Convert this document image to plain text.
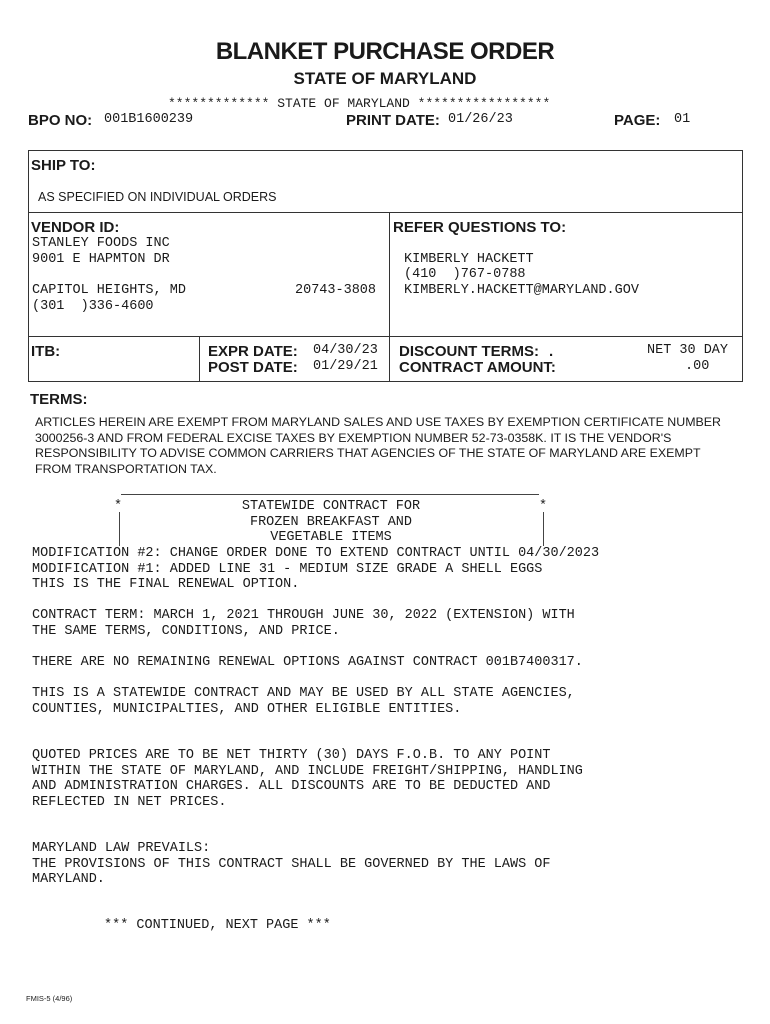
BLANKET PURCHASE ORDER
STATE OF MARYLAND
************* STATE OF MARYLAND *****************
BPO NO: 001B1600239	PRINT DATE: 01/26/23	PAGE: 01
SHIP TO:
AS SPECIFIED ON INDIVIDUAL ORDERS
VENDOR ID:
STANLEY FOODS INC
9001 E HAPMTON DR
CAPITOL HEIGHTS, MD	20743-3808
(301  )336-4600
REFER QUESTIONS TO:
KIMBERLY HACKETT
(410  )767-0788
KIMBERLY.HACKETT@MARYLAND.GOV
ITB:	EXPR DATE: 04/30/23
POST DATE: 01/29/21
DISCOUNT TERMS: .	NET 30 DAY
CONTRACT AMOUNT:	.00
TERMS:
ARTICLES HEREIN ARE EXEMPT FROM MARYLAND SALES AND USE TAXES BY EXEMPTION CERTIFICATE NUMBER 3000256-3 AND FROM FEDERAL EXCISE TAXES BY EXEMPTION NUMBER 52-73-0358K. IT IS THE VENDOR'S RESPONSIBILITY TO ADVISE COMMON CARRIERS THAT AGENCIES OF THE STATE OF MARYLAND ARE EXEMPT FROM TRANSPORTATION TAX.
*	*
STATEWIDE CONTRACT FOR
FROZEN BREAKFAST AND
VEGETABLE ITEMS
MODIFICATION #2: CHANGE ORDER DONE TO EXTEND CONTRACT UNTIL 04/30/2023
MODIFICATION #1: ADDED LINE 31 - MEDIUM SIZE GRADE A SHELL EGGS
THIS IS THE FINAL RENEWAL OPTION.
CONTRACT TERM: MARCH 1, 2021 THROUGH JUNE 30, 2022 (EXTENSION) WITH
THE SAME TERMS, CONDITIONS, AND PRICE.
THERE ARE NO REMAINING RENEWAL OPTIONS AGAINST CONTRACT 001B7400317.
THIS IS A STATEWIDE CONTRACT AND MAY BE USED BY ALL STATE AGENCIES,
COUNTIES, MUNICIPALTIES, AND OTHER ELIGIBLE ENTITIES.
QUOTED PRICES ARE TO BE NET THIRTY (30) DAYS F.O.B. TO ANY POINT
WITHIN THE STATE OF MARYLAND, AND INCLUDE FREIGHT/SHIPPING, HANDLING
AND ADMINISTRATION CHARGES. ALL DISCOUNTS ARE TO BE DEDUCTED AND
REFLECTED IN NET PRICES.
MARYLAND LAW PREVAILS:
THE PROVISIONS OF THIS CONTRACT SHALL BE GOVERNED BY THE LAWS OF
MARYLAND.
*** CONTINUED, NEXT PAGE ***
FMIS-5 (4/96)
